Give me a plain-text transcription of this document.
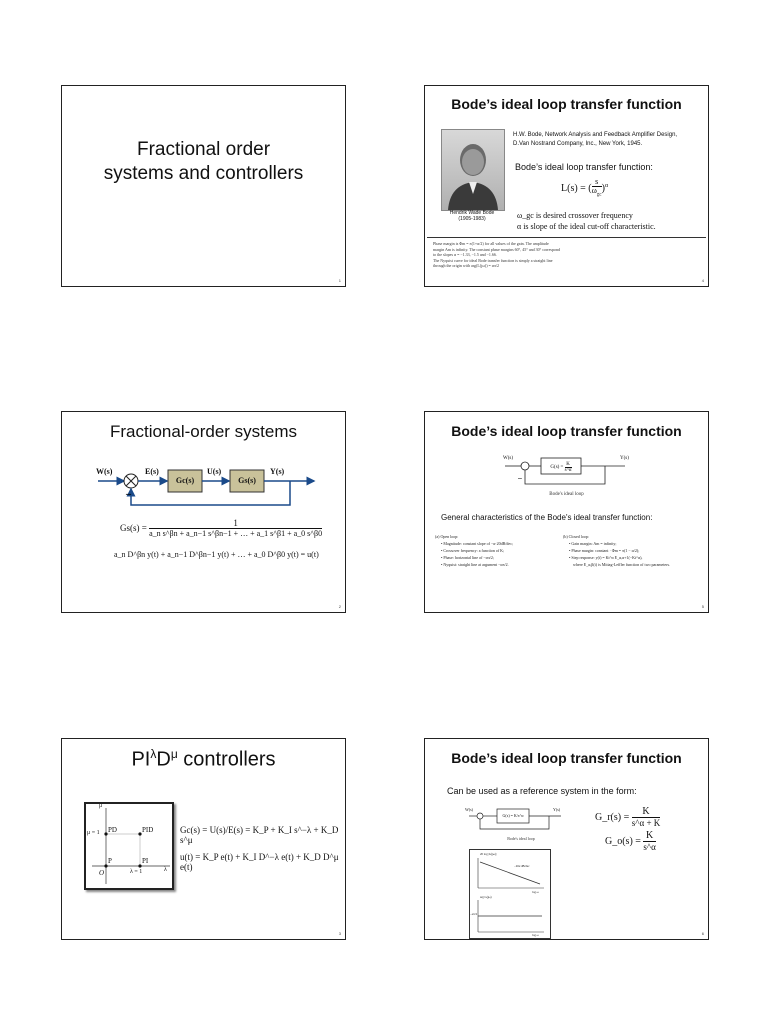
Fractional order
systems and controllers
1
Bode’s ideal loop transfer function
Hendrik Wade Bode
(1905-1983)
H.W. Bode, Network Analysis and Feedback Amplifier Design,
D.Van Nostrand Company, Inc., New York, 1945.
Bode’s ideal loop transfer function:
L(s) = (
s
$\omega_{gc}$
)$^\alpha$
ω_gc is desired crossover frequency
α is slope of the ideal cut-off characteristic.
Phase margin is Φm = π(1+α/2) for all values of the gain. The amplitude
margin Am is infinity. The constant phase margins 60°, 45° and 30° correspond
to the slopes α = −1.33, −1.5 and −1.66.
The Nyquist curve for ideal Bode transfer function is simply a straight line
through the origin with arg(L(jω)) = απ/2
4
Fractional-order systems
–
W(s)	E(s)	U(s)	Y(s)
Gc(s)	Gs(s)
$Gs(s) = \frac{1}{\text{a\_n s\textasciicircum{}βn + a\_n−1 s\textasciicircum{}βn−1 + … + a\_1 s\textasciicircum{}β1 + a\_0 s\textasciicircum{}β0}}$
a_n D^βn y(t) + a_n−1 D^βn−1 y(t) + … + a_0 D^β0 y(t) = u(t)
2
Bode’s ideal loop transfer function
–
W(s)	Y(s)
$G(s) = \frac{K}{s\^{}\alpha}$
Bode's ideal loop
General characteristics of the Bode's ideal transfer function:
(a) Open loop:
• Magnitude: constant slope of −α·20dB/dec;
• Crossover frequency: a function of K;
• Phase: horizontal line of −απ/2;
• Nyquist: straight line at argument −απ/2.
(b) Closed loop:
• Gain margin: Am = infinity;
• Phase margin: constant · Φm = π(1 − α/2);
• Step response: y(t) = Kt^α E_α,α+1(−Kt^α),
where E_α,β(t) is Mittag-Leffler function of two parameters.
5
$PI^\lambda D^\mu$ controllers
μ
λ
μ = 1
λ = 1
O
PD	PID
P	PI
Gc(s) = U(s)/E(s) = K_P + K_I s^−λ + K_D s^μ
u(t) = K_P e(t) + K_I D^−λ e(t) + K_D D^μ e(t)
3
Bode’s ideal loop transfer function
Can be used as a reference system in the form:
W(s)	Y(s)
G(s) = K/s^α
Bode's ideal loop
G_r(s) = $\frac{K}{s\^{}\alpha + K}$
G_o(s) = $\frac{K}{s\^{}\alpha}$
20 log |G(jω)|
−20α dB/dec
log ω
arg G(jω)
−απ/2
log ω	6
